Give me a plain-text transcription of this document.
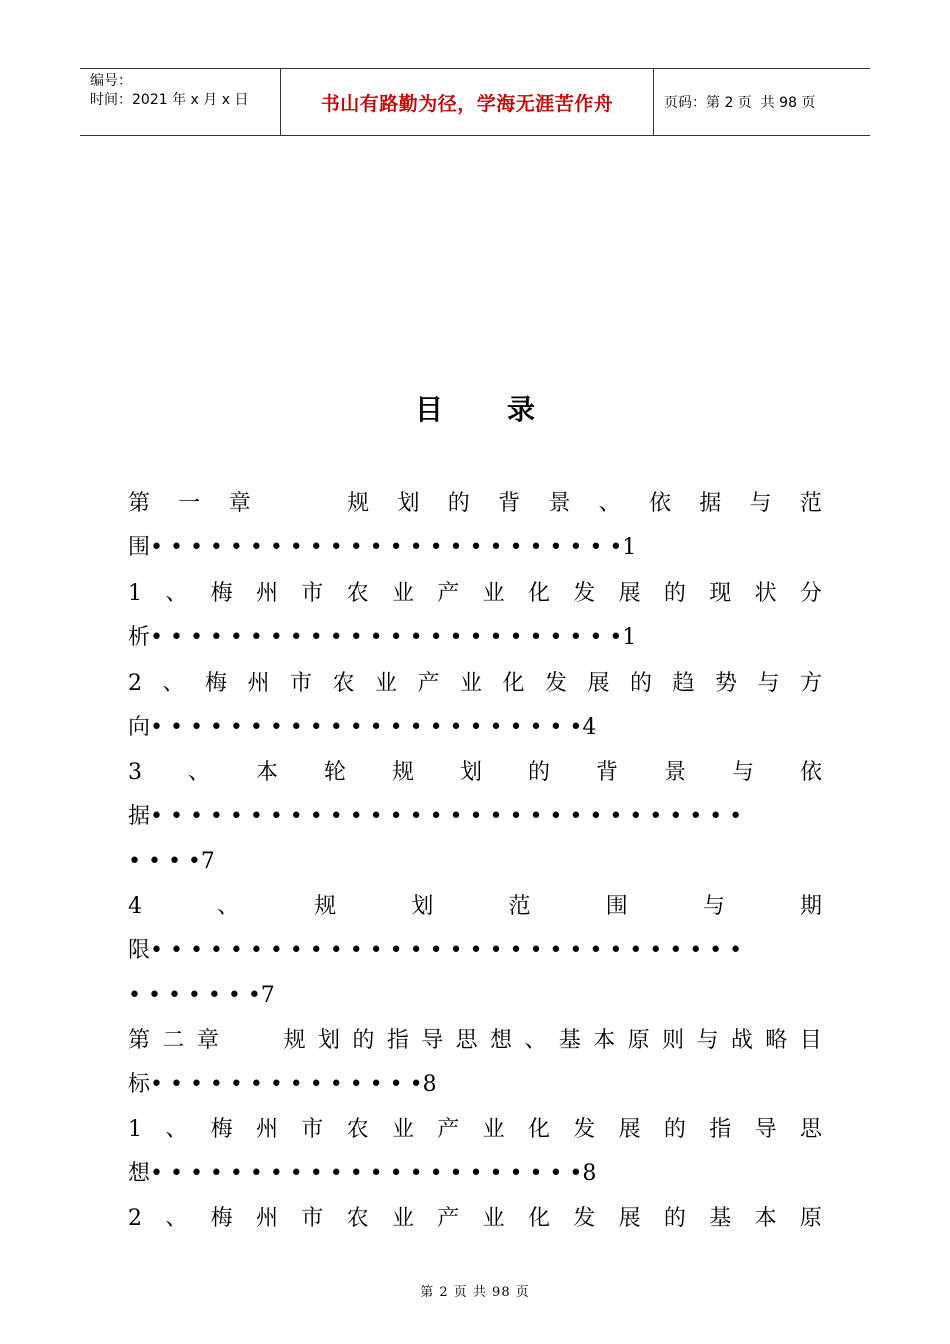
编号：
时间：2021 年 x 月 x 日	书山有路勤为径，学海无涯苦作舟	页码：第 2 页  共 98 页
目 录
第 一 章	规 划 的 背 景 、 依 据 与 范
围• • • • • • • • • • • • • • • • • • • • • • • •1
1 、 梅 州 市 农 业 产 业 化 发 展 的 现 状 分
析• • • • • • • • • • • • • • • • • • • • • • • •1
2 、 梅 州 市 农 业 产 业 化 发 展 的 趋 势 与 方
向• • • • • • • • • • • • • • • • • • • • • •4
3 、 本 轮 规 划 的 背 景 与 依
据• • • • • • • • • • • • • • • • • • • • • • • • • • • • • •
• • • •7
4	、	规	划	范	围	与	期
限• • • • • • • • • • • • • • • • • • • • • • • • • • • • • •
• • • • • • •7
第 二 章	规 划 的 指 导 思 想 、 基 本 原 则 与 战 略 目
标• • • • • • • • • • • • • •8
1 、 梅 州 市 农 业 产 业 化 发 展 的 指 导 思
想• • • • • • • • • • • • • • • • • • • • • •8
2 、 梅 州 市 农 业 产 业 化 发 展 的 基 本 原
第 2 页 共 98 页
